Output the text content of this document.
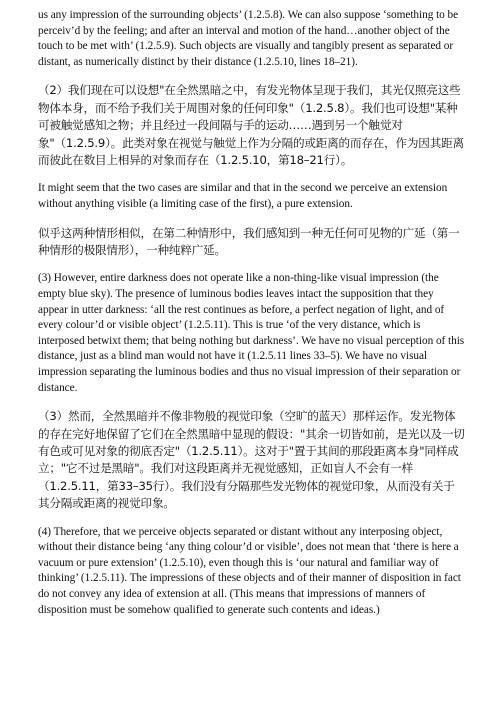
us any impression of the surrounding objects’ (1.2.5.8). We can also suppose ‘something to be perceiv’d by the feeling; and after an interval and motion of the hand…another object of the touch to be met with’ (1.2.5.9). Such objects are visually and tangibly present as separated or distant, as numerically distinct by their distance (1.2.5.10, lines 18–21).

（2）我们现在可以设想"在全然黑暗之中，有发光物体呈现于我们，其光仅照亮这些物体本身，而不给予我们关于周围对象的任何印象"（1.2.5.8）。我们也可设想"某种可被触觉感知之物；并且经过一段间隔与手的运动……遇到另一个触觉对象"（1.2.5.9）。此类对象在视觉与触觉上作为分隔的或距离的而存在，作为因其距离而彼此在数目上相异的对象而存在（1.2.5.10，第18–21行）。

It might seem that the two cases are similar and that in the second we perceive an extension without anything visible (a limiting case of the first), a pure extension.

似乎这两种情形相似，在第二种情形中，我们感知到一种无任何可见物的广延（第一种情形的极限情形），一种纯粹广延。

(3) However, entire darkness does not operate like a non-thing-like visual impression (the empty blue sky). The presence of luminous bodies leaves intact the supposition that they appear in utter darkness: ‘all the rest continues as before, a perfect negation of light, and of every colour’d or visible object’ (1.2.5.11). This is true ‘of the very distance, which is interposed betwixt them; that being nothing but darkness’. We have no visual perception of this distance, just as a blind man would not have it (1.2.5.11 lines 33–5). We have no visual impression separating the luminous bodies and thus no visual impression of their separation or distance.

（3）然而，全然黑暗并不像非物般的视觉印象（空旷的蓝天）那样运作。发光物体的存在完好地保留了它们在全然黑暗中显现的假设："其余一切皆如前，是光以及一切有色或可见对象的彻底否定"（1.2.5.11）。这对于"置于其间的那段距离本身"同样成立；"它不过是黑暗"。我们对这段距离并无视觉感知，正如盲人不会有一样（1.2.5.11，第33–35行）。我们没有分隔那些发光物体的视觉印象，从而没有关于其分隔或距离的视觉印象。

(4) Therefore, that we perceive objects separated or distant without any interposing object, without their distance being ‘any thing colour’d or visible’, does not mean that ‘there is here a vacuum or pure extension’ (1.2.5.10), even though this is ‘our natural and familiar way of thinking’ (1.2.5.11). The impressions of these objects and of their manner of disposition in fact do not convey any idea of extension at all. (This means that impressions of manners of disposition must be somehow qualified to generate such contents and ideas.)
